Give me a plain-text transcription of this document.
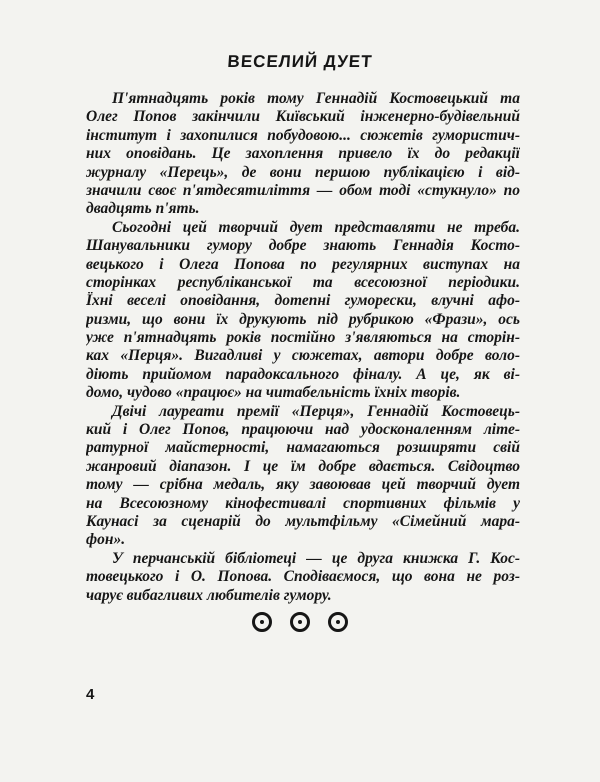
ВЕСЕЛИЙ ДУЕТ
П'ятнадцять років тому Геннадій Костовецький та
Олег Попов закінчили Київський інженерно-будівельний
інститут і захопилися побудовою... сюжетів гумористич-
них оповідань. Це захоплення привело їх до редакції
журналу «Перець», де вони першою публікацією і від-
значили своє п'ятдесятиліття — обом тоді «стукнуло» по
двадцять п'ять.
Сьогодні цей творчий дует представляти не треба.
Шанувальники гумору добре знають Геннадія Косто-
вецького і Олега Попова по регулярних виступах на
сторінках республіканської та всесоюзної періодики.
Їхні веселі оповідання, дотепні гуморески, влучні афо-
ризми, що вони їх друкують під рубрикою «Фрази», ось
уже п'ятнадцять років постійно з'являються на сторін-
ках «Перця». Вигадливі у сюжетах, автори добре воло-
діють прийомом парадоксального фіналу. А це, як ві-
домо, чудово «працює» на читабельність їхніх творів.
Двічі лауреати премії «Перця», Геннадій Костовець-
кий і Олег Попов, працюючи над удосконаленням літе-
ратурної майстерності, намагаються розширяти свій
жанровий діапазон. І це їм добре вдається. Свідоцтво
тому — срібна медаль, яку завоював цей творчий дует
на Всесоюзному кінофестивалі спортивних фільмів у
Каунасі за сценарій до мультфільму «Сімейний мара-
фон».
У перчанській бібліотеці — це друга книжка Г. Кос-
товецького і О. Попова. Сподіваємося, що вона не роз-
чарує вибагливих любителів гумору.
4
